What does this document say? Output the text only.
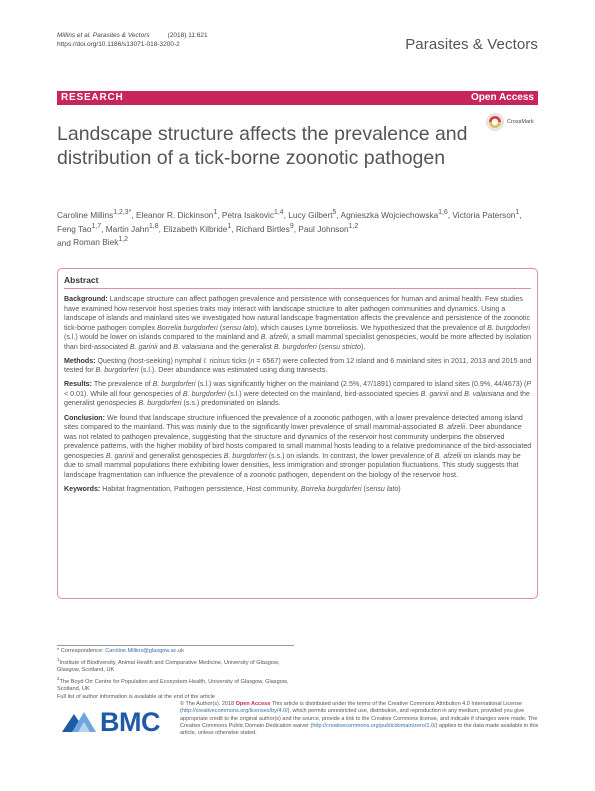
Millins et al. Parasites & Vectors	(2018) 11:621
https://doi.org/10.1186/s13071-018-3200-2	Parasites & Vectors
RESEARCH	Open Access
CrossMark
Landscape structure affects the prevalence and distribution of a tick-borne zoonotic pathogen
Caroline Millins$^{1,2,3*}$, Eleanor R. Dickinson$^1$, Petra Isakovic$^{1,4}$, Lucy Gilbert$^5$, Agnieszka Wojciechowska$^{1,6}$, Victoria Paterson$^1$, Feng Tao$^{1,7}$, Martin Jahn$^{1,8}$, Elizabeth Kilbride$^1$, Richard Birtles$^9$, Paul Johnson$^{1,2}$
and Roman Biek$^{1,2}$
Abstract

Background: Landscape structure can affect pathogen prevalence and persistence with consequences for human and animal health. Few studies have examined how reservoir host species traits may interact with landscape structure to alter pathogen communities and dynamics. Using a landscape of islands and mainland sites we investigated how natural landscape fragmentation affects the prevalence and persistence of the zoonotic tick-borne pathogen complex Borrelia burgdorferi (sensu lato), which causes Lyme borreliosis. We hypothesized that the prevalence of B. burgdorferi (s.l.) would be lower on islands compared to the mainland and B. afzelii, a small mammal specialist genospecies, would be more affected by isolation than bird-associated B. garinii and B. valaisiana and the generalist B. burgdorferi (sensu stricto).

Methods: Questing (host-seeking) nymphal I. ricinus ticks (n = 6567) were collected from 12 island and 6 mainland sites in 2011, 2013 and 2015 and tested for B. burgdorferi (s.l.). Deer abundance was estimated using dung transects.

Results: The prevalence of B. burgdorferi (s.l.) was significantly higher on the mainland (2.5%, 47/1891) compared to island sites (0.9%, 44/4673) (P < 0.01). While all four genospecies of B. burgdorferi (s.l.) were detected on the mainland, bird-associated species B. garinii and B. valaisiana and the generalist genospecies B. burgdorferi (s.s.) predominated on islands.

Conclusion: We found that landscape structure influenced the prevalence of a zoonotic pathogen, with a lower prevalence detected among island sites compared to the mainland. This was mainly due to the significantly lower prevalence of small mammal-associated B. afzelii. Deer abundance was not related to pathogen prevalence, suggesting that the structure and dynamics of the reservoir host community underpins the observed prevalence patterns, with the higher mobility of bird hosts compared to small mammal hosts leading to a relative predominance of the bird-associated genospecies B. garinii and generalist genospecies B. burgdorferi (s.s.) on islands. In contrast, the lower prevalence of B. afzelii on islands may be due to small mammal populations there exhibiting lower densities, less immigration and stronger population fluctuations. This study suggests that landscape fragmentation can influence the prevalence of a zoonotic pathogen, dependent on the biology of the reservoir host.

Keywords: Habitat fragmentation, Pathogen persistence, Host community, Borrelia burgdorferi (sensu lato)

* Correspondence: Caroline.Millins@glasgow.ac.uk
$^1$Institute of Biodiversity, Animal Health and Comparative Medicine, University of Glasgow, Glasgow, Scotland, UK
$^2$The Boyd Orr Centre for Population and Ecosystem Health, University of Glasgow, Glasgow, Scotland, UK
Full list of author information is available at the end of the article
BMC
© The Author(s). 2018 Open Access This article is distributed under the terms of the Creative Commons Attribution 4.0 International License (http://creativecommons.org/licenses/by/4.0/), which permits unrestricted use, distribution, and reproduction in any medium, provided you give appropriate credit to the original author(s) and the source, provide a link to the Creative Commons license, and indicate if changes were made. The Creative Commons Public Domain Dedication waiver (http://creativecommons.org/publicdomain/zero/1.0/) applies to the data made available in this article, unless otherwise stated.
